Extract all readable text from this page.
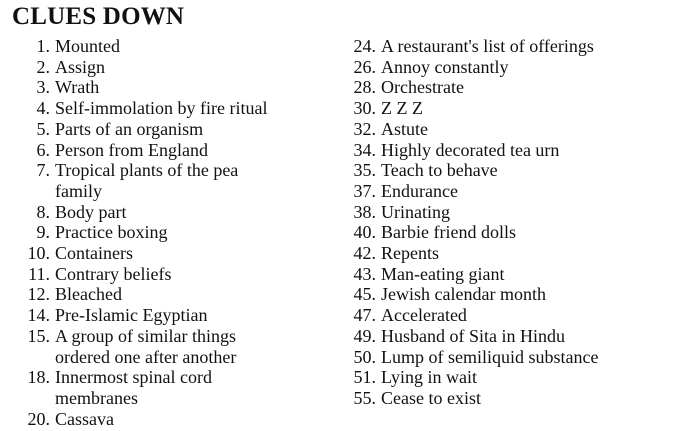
CLUES DOWN
1. Mounted
2. Assign
3. Wrath
4. Self-immolation by fire ritual
5. Parts of an organism
6. Person from England
7. Tropical plants of the pea family
8. Body part
9. Practice boxing
10. Containers
11. Contrary beliefs
12. Bleached
14. Pre-Islamic Egyptian
15. A group of similar things ordered one after another
18. Innermost spinal cord membranes
20. Cassava
24. A restaurant's list of offerings
26. Annoy constantly
28. Orchestrate
30. Z Z Z
32. Astute
34. Highly decorated tea urn
35. Teach to behave
37. Endurance
38. Urinating
40. Barbie friend dolls
42. Repents
43. Man-eating giant
45. Jewish calendar month
47. Accelerated
49. Husband of Sita in Hindu
50. Lump of semiliquid substance
51. Lying in wait
55. Cease to exist
